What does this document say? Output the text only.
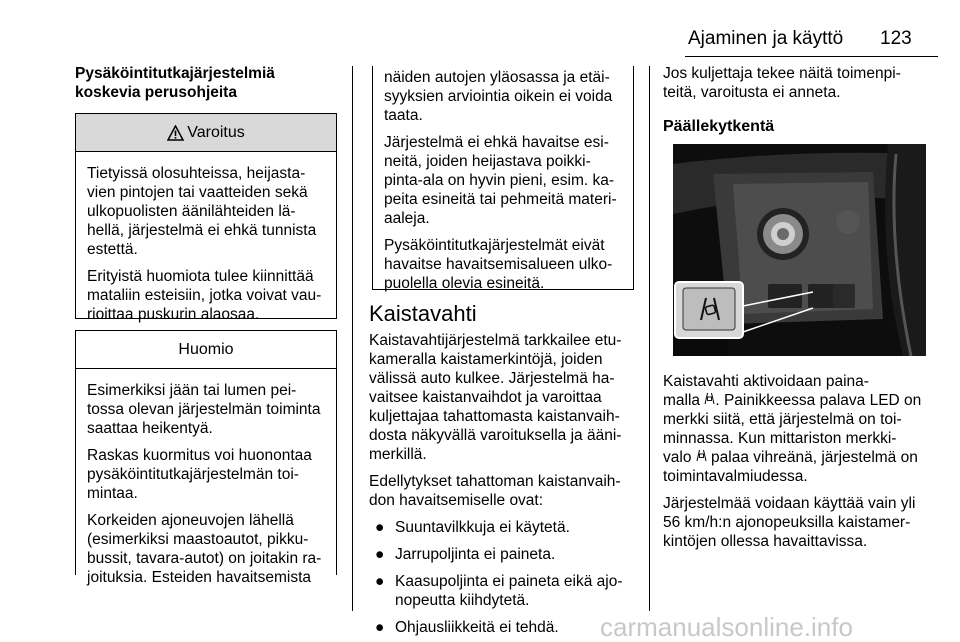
Ajaminen ja käyttö 123
Pysäköintitutkajärjestelmiä
koskevia perusohjeita
Varoitus

Tietyissä olosuhteissa, heijasta-
vien pintojen tai vaatteiden sekä
ulkopuolisten äänilähteiden lä-
hellä, järjestelmä ei ehkä tunnista
estettä.

Erityistä huomiota tulee kiinnittää
mataliin esteisiin, jotka voivat vau-
rioittaa puskurin alaosaa.

Huomio

Esimerkiksi jään tai lumen pei-
tossa olevan järjestelmän toiminta
saattaa heikentyä.

Raskas kuormitus voi huonontaa
pysäköintitutkajärjestelmän toi-
mintaa.

Korkeiden ajoneuvojen lähellä
(esimerkiksi maastoautot, pikku-
bussit, tavara-autot) on joitakin ra-
joituksia. Esteiden havaitsemista

näiden autojen yläosassa ja etäi-
syyksien arviointia oikein ei voida
taata.

Järjestelmä ei ehkä havaitse esi-
neitä, joiden heijastava poikki-
pinta-ala on hyvin pieni, esim. ka-
peita esineitä tai pehmeitä materi-
aaleja.

Pysäköintitutkajärjestelmät eivät
havaitse havaitsemisalueen ulko-
puolella olevia esineitä.

Kaistavahti

Kaistavahtijärjestelmä tarkkailee etu-
kameralla kaistamerkintöjä, joiden
välissä auto kulkee. Järjestelmä ha-
vaitsee kaistanvaihdot ja varoittaa
kuljettajaa tahattomasta kaistanvaih-
dosta näkyvällä varoituksella ja ääni-
merkillä.

Edellytykset tahattoman kaistanvaih-
don havaitsemiselle ovat:

● Suuntavilkkuja ei käytetä.
● Jarrupoljinta ei paineta.
● Kaasupoljinta ei paineta eikä ajo-
nopeutta kiihdytetä.
● Ohjausliikkeitä ei tehdä.

Jos kuljettaja tekee näitä toimenpi-
teitä, varoitusta ei anneta.

Päällekytkentä

Kaistavahti aktivoidaan paina-
malla . Painikkeessa palava LED on
merkki siitä, että järjestelmä on toi-
minnassa. Kun mittariston merkki-
valo  palaa vihreänä, järjestelmä on
toimintavalmiudessa.

Järjestelmää voidaan käyttää vain yli
56 km/h:n ajonopeuksilla kaistamer-
kintöjen ollessa havaittavissa.

carmanualsonline.info
